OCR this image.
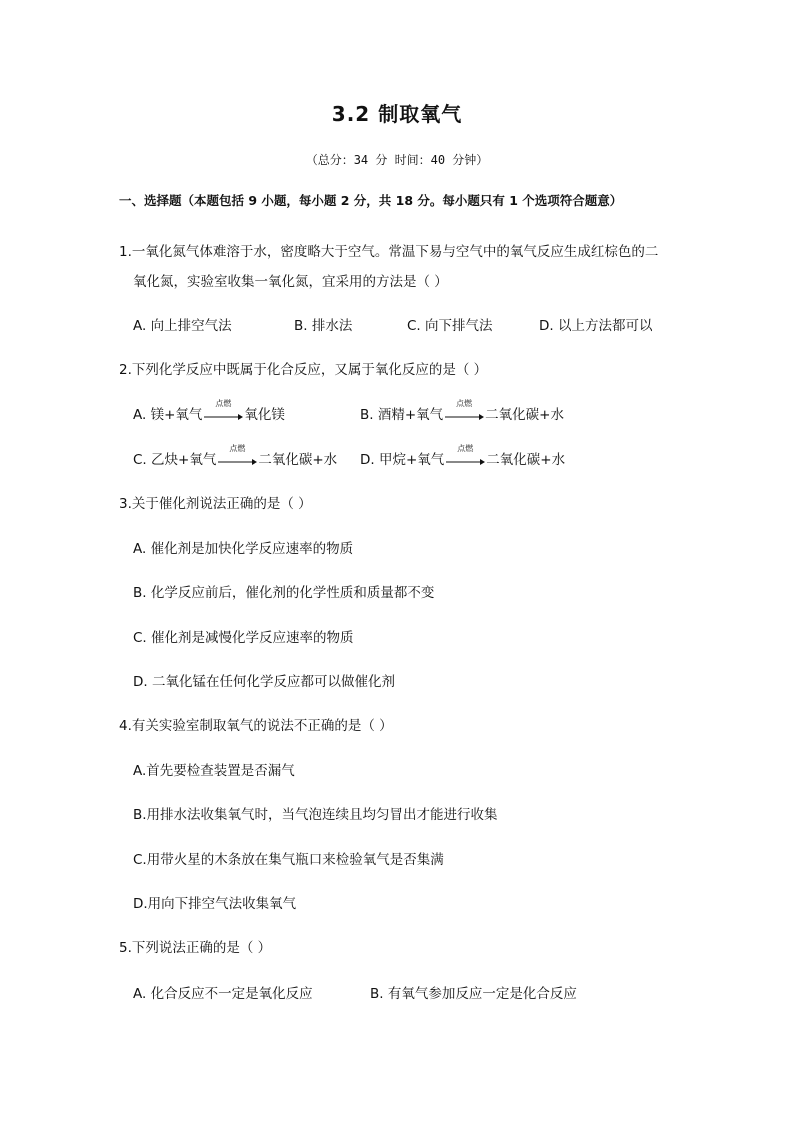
3.2 制取氧气
（总分：34 分 时间：40 分钟）
一、选择题（本题包括 9 小题，每小题 2 分，共 18 分。每小题只有 1 个选项符合题意）
1.一氧化氮气体难溶于水，密度略大于空气。常温下易与空气中的氧气反应生成红棕色的二
氧化氮，实验室收集一氧化氮，宜采用的方法是（ ）
A. 向上排空气法	B. 排水法	C. 向下排气法	D. 以上方法都可以
2.下列化学反应中既属于化合反应，又属于氧化反应的是（ ）
A. 镁+氧气
点燃
氧化镁	B. 酒精+氧气
点燃
二氧化碳+水
C. 乙炔+氧气
点燃
二氧化碳+水 D. 甲烷+氧气
点燃
二氧化碳+水
3.关于催化剂说法正确的是（ ）
A. 催化剂是加快化学反应速率的物质
B. 化学反应前后，催化剂的化学性质和质量都不变
C. 催化剂是减慢化学反应速率的物质
D. 二氧化锰在任何化学反应都可以做催化剂
4.有关实验室制取氧气的说法不正确的是（ ）
A.首先要检查装置是否漏气
B.用排水法收集氧气时，当气泡连续且均匀冒出才能进行收集
C.用带火星的木条放在集气瓶口来检验氧气是否集满
D.用向下排空气法收集氧气
5.下列说法正确的是（ ）
A. 化合反应不一定是氧化反应	B. 有氧气参加反应一定是化合反应
